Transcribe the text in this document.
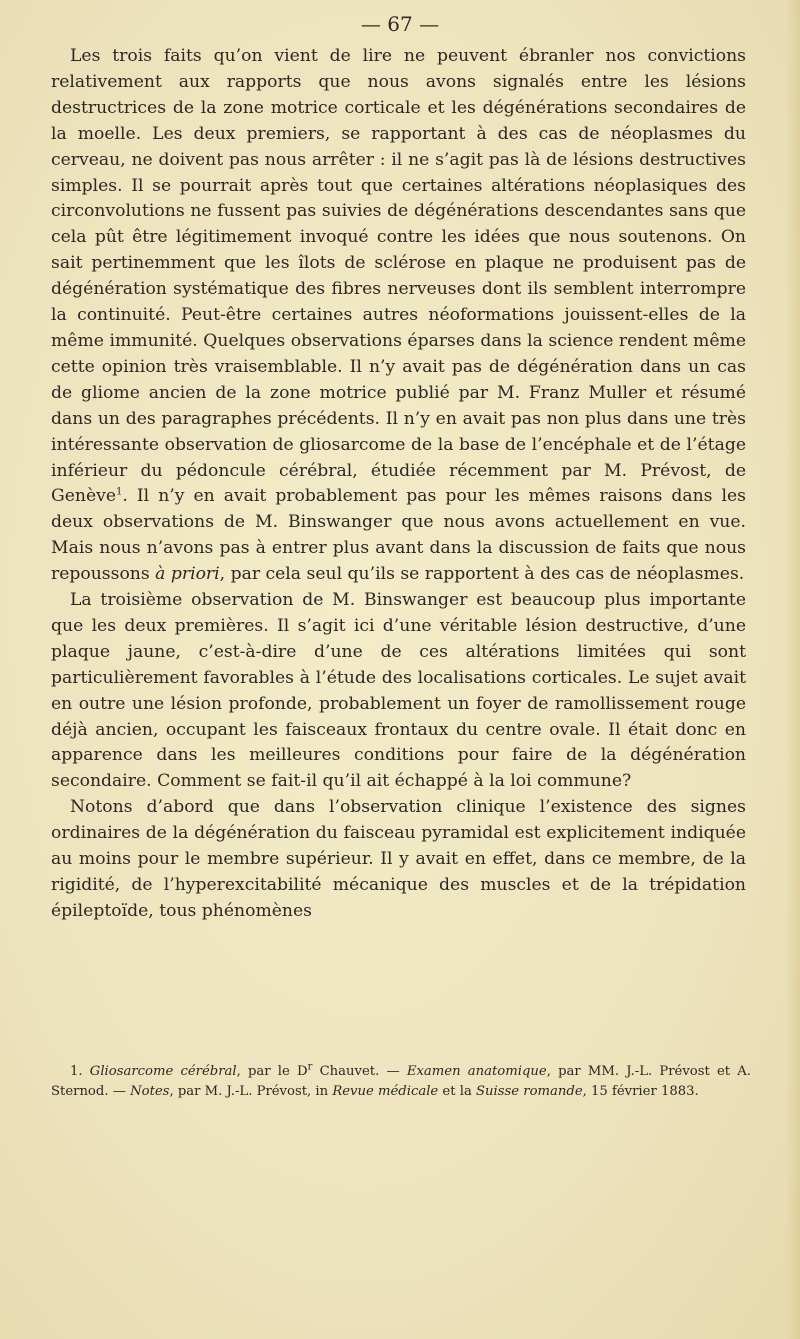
— 67 —

Les trois faits qu’on vient de lire ne peuvent ébranler nos convictions relativement aux rapports que nous avons signalés entre les lésions destructrices de la zone motrice corticale et les dégénérations secondaires de la moelle. Les deux premiers, se rapportant à des cas de néoplasmes du cerveau, ne doivent pas nous arrêter : il ne s’agit pas là de lésions destructives simples. Il se pourrait après tout que certaines altérations néoplasiques des circonvolutions ne fussent pas suivies de dégénérations descendantes sans que cela pût être légitimement invoqué contre les idées que nous soutenons. On sait pertinemment que les îlots de sclérose en plaque ne produisent pas de dégénération systématique des fibres nerveuses dont ils semblent interrompre la continuité. Peut-être certaines autres néoformations jouissent-elles de la même immunité. Quelques observations éparses dans la science rendent même cette opinion très vraisemblable. Il n’y avait pas de dégénération dans un cas de gliome ancien de la zone motrice publié par M. Franz Muller et résumé dans un des paragraphes précédents. Il n’y en avait pas non plus dans une très intéressante observation de gliosarcome de la base de l’encéphale et de l’étage inférieur du pédoncule cérébral, étudiée récemment par M. Prévost, de Genève$^1$. Il n’y en avait probablement pas pour les mêmes raisons dans les deux observations de M. Binswanger que nous avons actuellement en vue. Mais nous n’avons pas à entrer plus avant dans la discussion de faits que nous repoussons à priori, par cela seul qu’ils se rapportent à des cas de néoplasmes.

La troisième observation de M. Binswanger est beaucoup plus importante que les deux premières. Il s’agit ici d’une véritable lésion destructive, d’une plaque jaune, c’est-à-dire d’une de ces altérations limitées qui sont particulièrement favorables à l’étude des localisations corticales. Le sujet avait en outre une lésion profonde, probablement un foyer de ramollissement rouge déjà ancien, occupant les faisceaux frontaux du centre ovale. Il était donc en apparence dans les meilleures conditions pour faire de la dégénération secondaire. Comment se fait-il qu’il ait échappé à la loi commune?

Notons d’abord que dans l’observation clinique l’existence des signes ordinaires de la dégénération du faisceau pyramidal est explicitement indiquée au moins pour le membre supérieur. Il y avait en effet, dans ce membre, de la rigidité, de l’hyperexcitabilité mécanique des muscles et de la trépidation épileptoïde, tous phénomènes

1. Gliosarcome cérébral, par le $D^r$ Chauvet. — Examen anatomique, par MM. J.-L. Prévost et A. Sternod. — Notes, par M. J.-L. Prévost, in Revue médicale et la Suisse romande, 15 février 1883.
